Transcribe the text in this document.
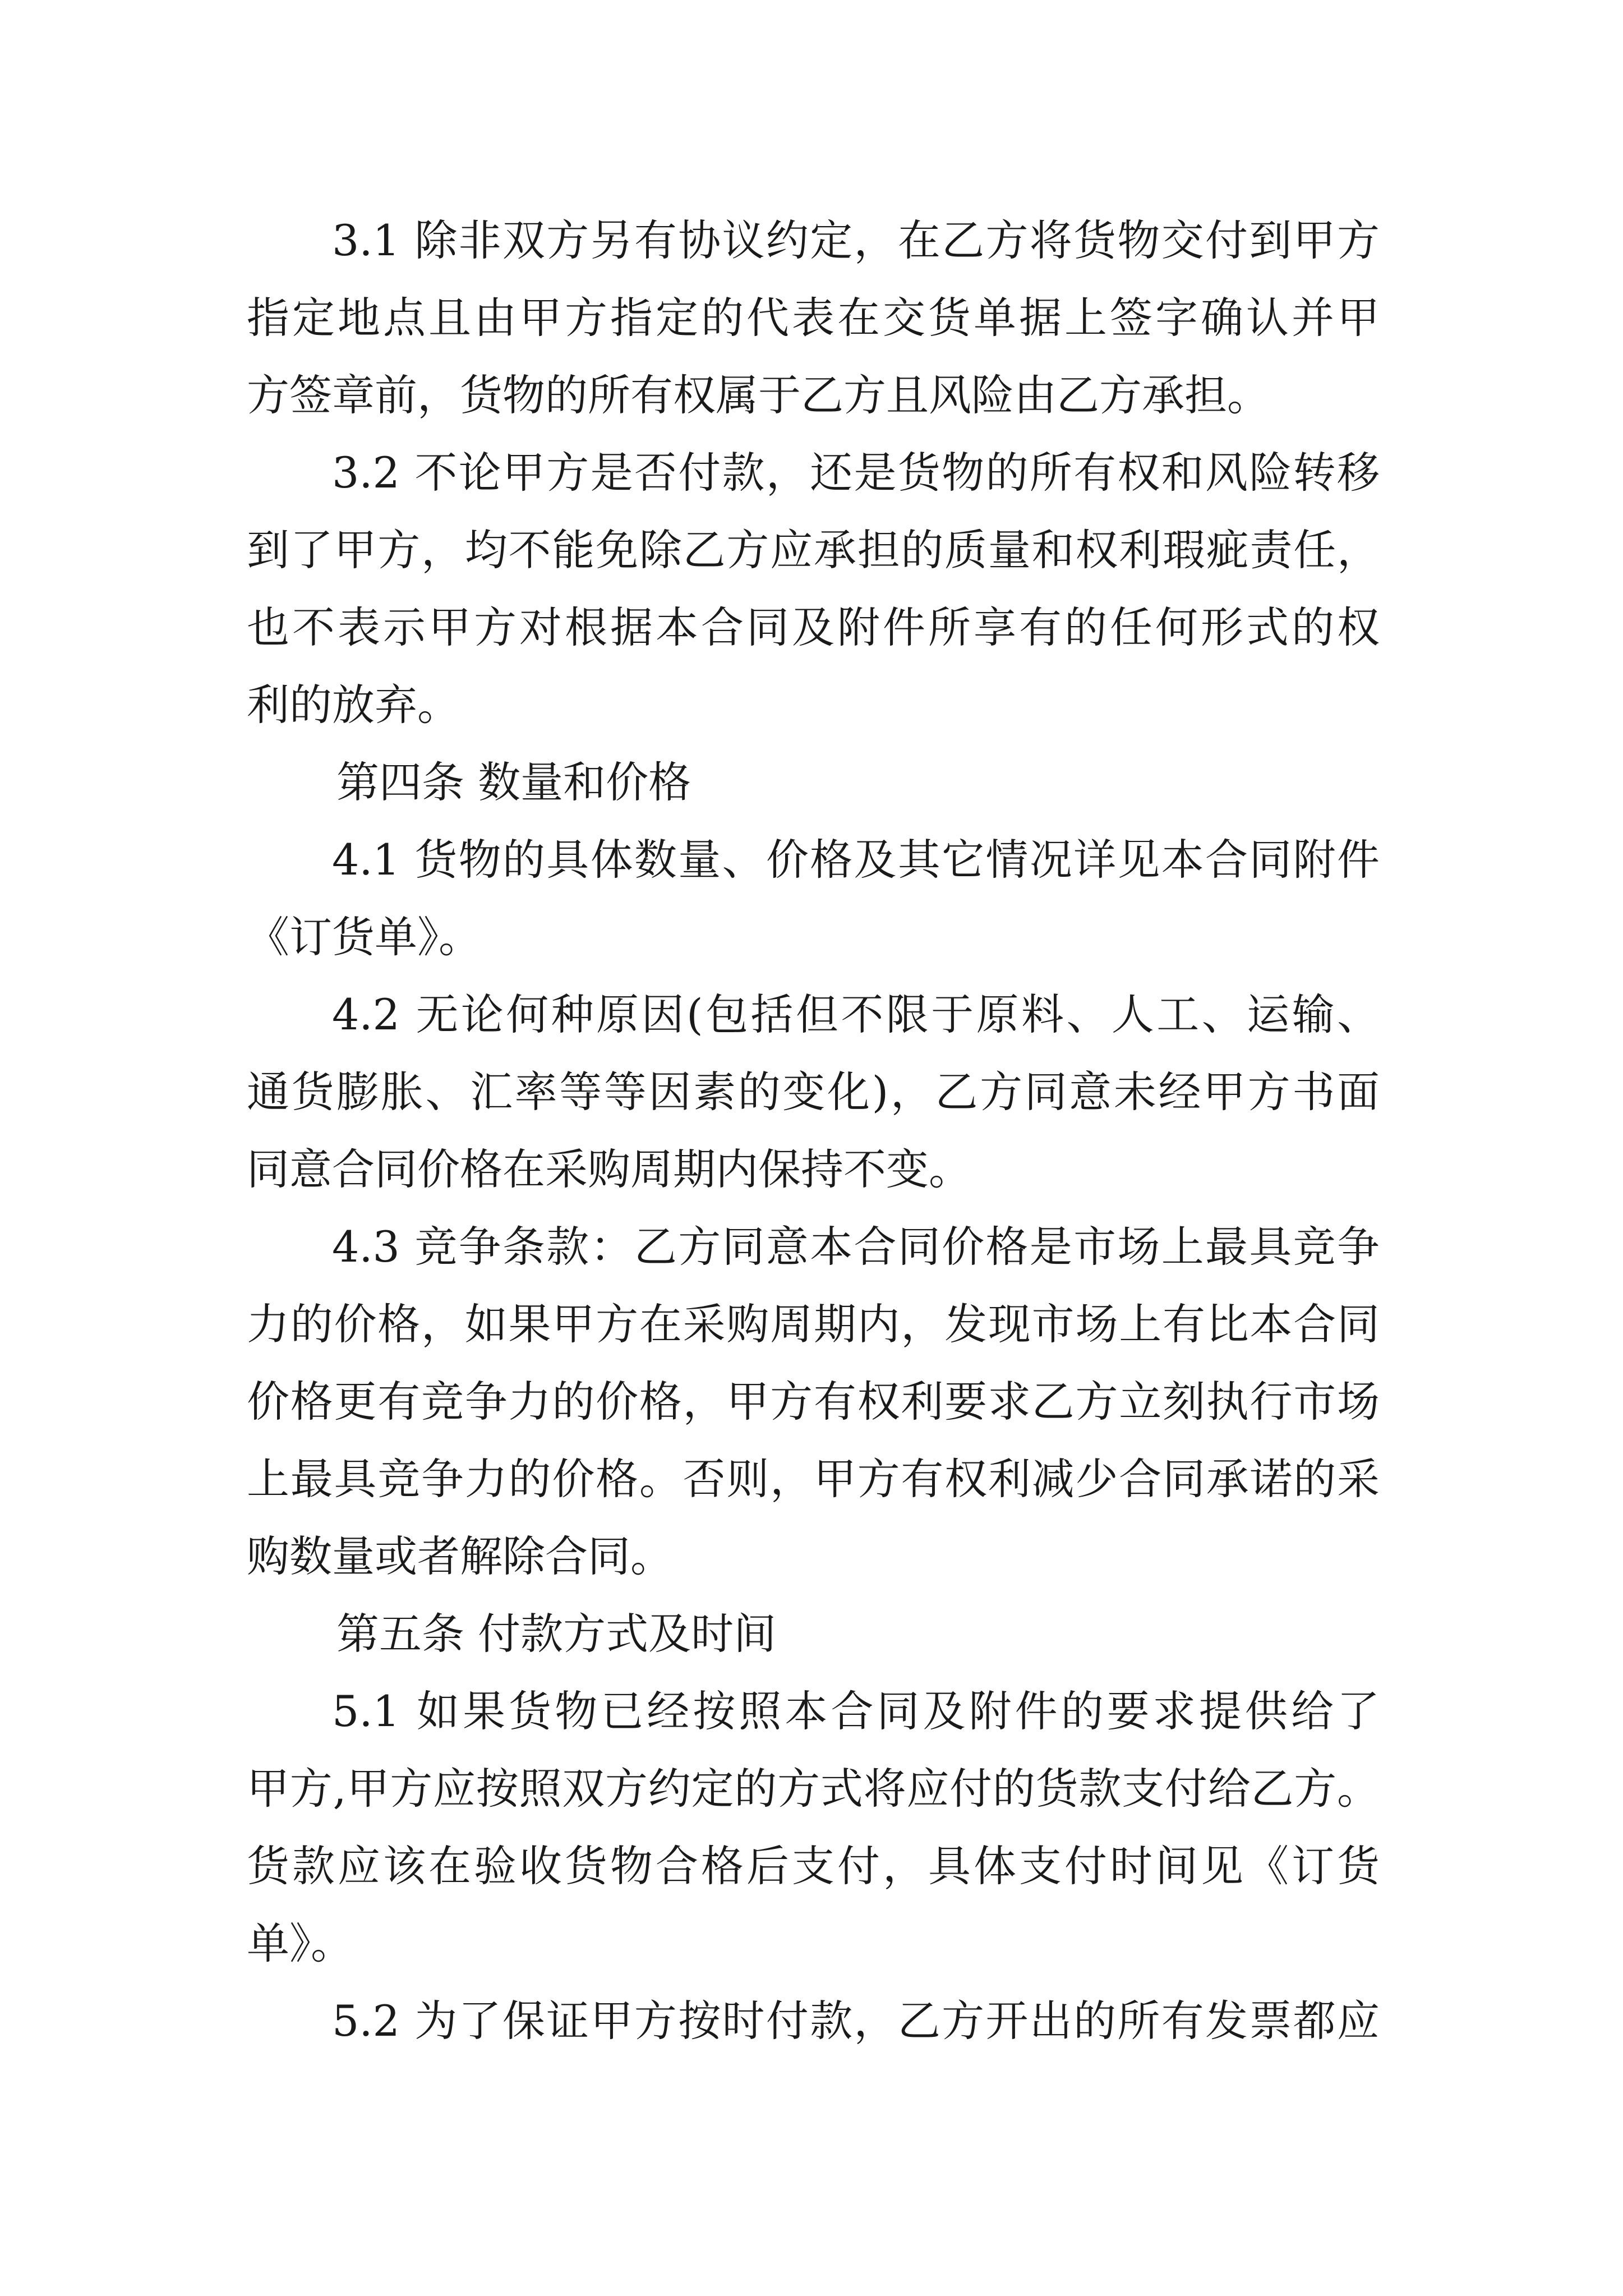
3.1 除非双方另有协议约定，在乙方将货物交付到甲方
指定地点且由甲方指定的代表在交货单据上签字确认并甲
方签章前，货物的所有权属于乙方且风险由乙方承担。
3.2 不论甲方是否付款，还是货物的所有权和风险转移
到了甲方，均不能免除乙方应承担的质量和权利瑕疵责任，
也不表示甲方对根据本合同及附件所享有的任何形式的权
利的放弃。
第四条 数量和价格
4.1 货物的具体数量、价格及其它情况详见本合同附件
《订货单》。
4.2 无论何种原因(包括但不限于原料、人工、运输、
通货膨胀、汇率等等因素的变化)，乙方同意未经甲方书面
同意合同价格在采购周期内保持不变。
4.3 竞争条款：乙方同意本合同价格是市场上最具竞争
力的价格，如果甲方在采购周期内，发现市场上有比本合同
价格更有竞争力的价格，甲方有权利要求乙方立刻执行市场
上最具竞争力的价格。否则，甲方有权利减少合同承诺的采
购数量或者解除合同。
第五条 付款方式及时间
5.1 如果货物已经按照本合同及附件的要求提供给了
甲方,甲方应按照双方约定的方式将应付的货款支付给乙方。
货款应该在验收货物合格后支付，具体支付时间见《订货
单》。
5.2 为了保证甲方按时付款，乙方开出的所有发票都应
